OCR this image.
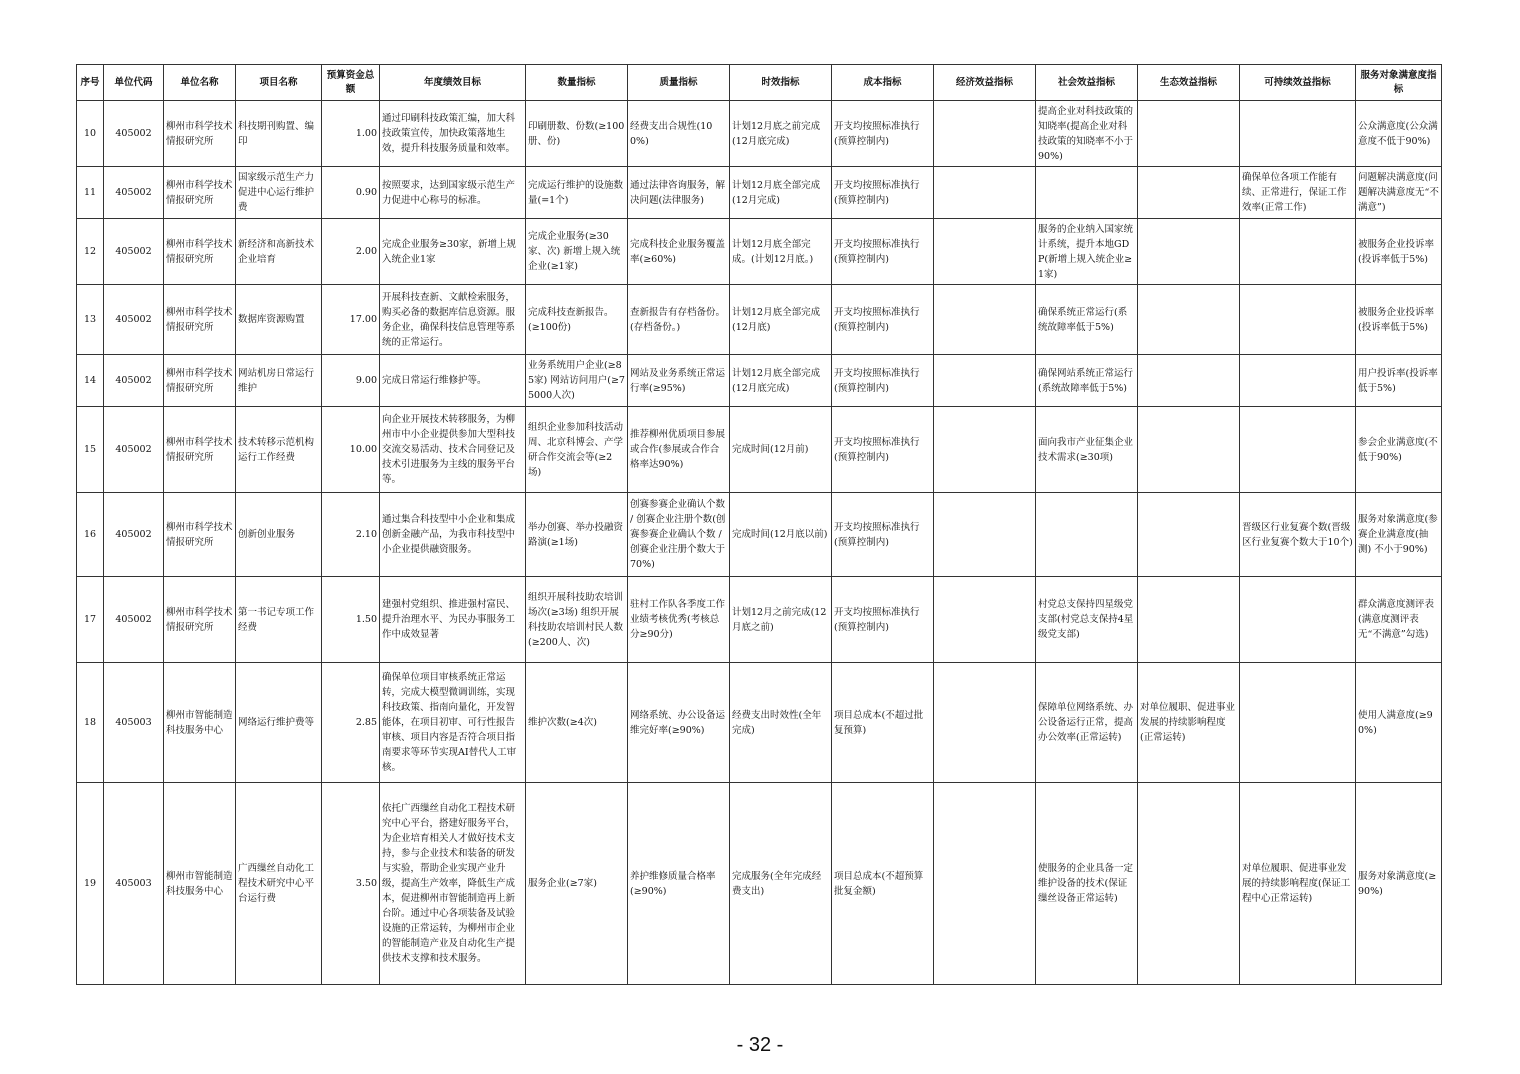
序号	单位代码	单位名称	项目名称	预算资金总额	年度绩效目标	数量指标	质量指标	时效指标	成本指标	经济效益指标	社会效益指标	生态效益指标	可持续效益指标	服务对象满意度指标
10	405002	柳州市科学技术情报研究所	科技期刊购置、编印	1.00	通过印刷科技政策汇编，加大科技政策宣传，加快政策落地生效，提升科技服务质量和效率。	印刷册数、份数(≥100册、份)	经费支出合规性(100%)	计划12月底之前完成(12月底完成)	开支均按照标准执行(预算控制内)		提高企业对科技政策的知晓率(提高企业对科技政策的知晓率不小于90%)			公众满意度(公众满意度不低于90%)
11	405002	柳州市科学技术情报研究所	国家级示范生产力促进中心运行维护费	0.90	按照要求，达到国家级示范生产力促进中心称号的标准。	完成运行维护的设施数量(=1个)	通过法律咨询服务，解决问题(法律服务)	计划12月底全部完成(12月完成)	开支均按照标准执行(预算控制内)				确保单位各项工作能有续、正常进行，保证工作效率(正常工作)	问题解决满意度(问题解决满意度无“不满意”)
12	405002	柳州市科学技术情报研究所	新经济和高新技术企业培育	2.00	完成企业服务≥30家，新增上规入统企业1家	完成企业服务(≥30家、次) 新增上规入统企业(≥1家)	完成科技企业服务覆盖率(≥60%)	计划12月底全部完成。(计划12月底。)	开支均按照标准执行(预算控制内)		服务的企业纳入国家统计系统，提升本地GDP(新增上规入统企业≥1家)			被服务企业投诉率(投诉率低于5%)
13	405002	柳州市科学技术情报研究所	数据库资源购置	17.00	开展科技查新、文献检索服务，购买必备的数据库信息资源。服务企业，确保科技信息管理等系统的正常运行。	完成科技查新报告。(≥100份)	查新报告有存档备份。(存档备份。)	计划12月底全部完成(12月底)	开支均按照标准执行(预算控制内)		确保系统正常运行(系统故障率低于5%)			被服务企业投诉率(投诉率低于5%)
14	405002	柳州市科学技术情报研究所	网站机房日常运行维护	9.00	完成日常运行维修护等。	业务系统用户企业(≥85家) 网站访问用户(≥75000人次)	网站及业务系统正常运行率(≥95%)	计划12月底全部完成(12月底完成)	开支均按照标准执行(预算控制内)		确保网站系统正常运行(系统故障率低于5%)			用户投诉率(投诉率低于5%)
15	405002	柳州市科学技术情报研究所	技术转移示范机构运行工作经费	10.00	向企业开展技术转移服务，为柳州市中小企业提供参加大型科技交流交易活动、技术合同登记及技术引进服务为主线的服务平台等。	组织企业参加科技活动周、北京科博会、产学研合作交流会等(≥2场)	推荐柳州优质项目参展或合作(参展或合作合格率达90%)	完成时间(12月前)	开支均按照标准执行(预算控制内)		面向我市产业征集企业技术需求(≥30项)			参会企业满意度(不低于90%)
16	405002	柳州市科学技术情报研究所	创新创业服务	2.10	通过集合科技型中小企业和集成创新金融产品，为我市科技型中小企业提供融资服务。	举办创赛、举办投融资路演(≥1场)	创赛参赛企业确认个数 / 创赛企业注册个数(创赛参赛企业确认个数 / 创赛企业注册个数大于70%)	完成时间(12月底以前)	开支均按照标准执行(预算控制内)				晋级区行业复赛个数(晋级区行业复赛个数大于10个)	服务对象满意度(参赛企业满意度(抽测) 不小于90%)
17	405002	柳州市科学技术情报研究所	第一书记专项工作经费	1.50	建强村党组织、推进强村富民、提升治理水平、为民办事服务工作中成效显著	组织开展科技助农培训场次(≥3场) 组织开展科技助农培训村民人数(≥200人、次)	驻村工作队各季度工作业绩考核优秀(考核总分≥90分)	计划12月之前完成(12月底之前)	开支均按照标准执行(预算控制内)		村党总支保持四星级党支部(村党总支保持4星级党支部)			群众满意度测评表(满意度测评表无“不满意”勾选)
18	405003	柳州市智能制造科技服务中心	网络运行维护费等	2.85	确保单位项目审核系统正常运转，完成大模型微调训练，实现科技政策、指南向量化，开发智能体，在项目初审、可行性报告审核、项目内容是否符合项目指南要求等环节实现AI替代人工审核。	维护次数(≥4次)	网络系统、办公设备运维完好率(≥90%)	经费支出时效性(全年完成)	项目总成本(不超过批复预算)		保障单位网络系统、办公设备运行正常，提高办公效率(正常运转)	对单位履职、促进事业发展的持续影响程度(正常运转)		使用人满意度(≥90%)
19	405003	柳州市智能制造科技服务中心	广西缫丝自动化工程技术研究中心平台运行费	3.50	依托广西缫丝自动化工程技术研究中心平台，搭建好服务平台，为企业培育相关人才做好技术支持，参与企业技术和装备的研发与实验，帮助企业实现产业升级，提高生产效率，降低生产成本，促进柳州市智能制造再上新台阶。通过中心各项装备及试验设施的正常运转，为柳州市企业的智能制造产业及自动化生产提供技术支撑和技术服务。	服务企业(≥7家)	养护维修质量合格率(≥90%)	完成服务(全年完成经费支出)	项目总成本(不超预算批复金额)		使服务的企业具备一定维护设备的技术(保证缫丝设备正常运转)		对单位履职、促进事业发展的持续影响程度(保证工程中心正常运转)	服务对象满意度(≥90%)
- 32 -
